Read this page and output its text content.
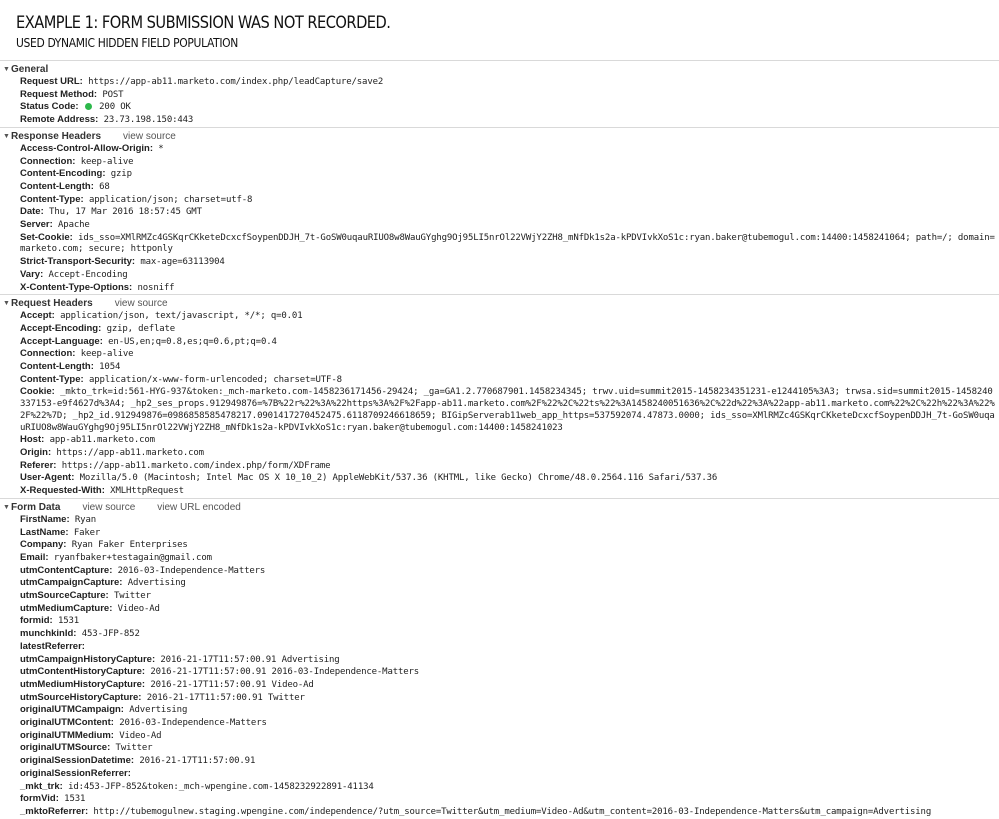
EXAMPLE 1: FORM SUBMISSION WAS NOT RECORDED.
USED DYNAMIC HIDDEN FIELD POPULATION
▼ General
Request URL: https://app-ab11.marketo.com/index.php/leadCapture/save2
Request Method: POST
Status Code: 200 OK
Remote Address: 23.73.198.150:443
▼ Response Headers view source
Access-Control-Allow-Origin: *
Connection: keep-alive
Content-Encoding: gzip
Content-Length: 68
Content-Type: application/json; charset=utf-8
Date: Thu, 17 Mar 2016 18:57:45 GMT
Server: Apache
Set-Cookie: ids_sso=XMlRMZc4GSKqrCKketeDcxcfSoypenDDJH_7t-GoSW0uqauRIUO8w8WauGYghg9Oj95LI5nrOl22VWjY2ZH8_mNfDk1s2a-kPDVIvkXoS1c:ryan.baker@tubemogul.com:14400:1458241064; path=/; domain=marketo.com; secure; httponly
Strict-Transport-Security: max-age=63113904
Vary: Accept-Encoding
X-Content-Type-Options: nosniff
▼ Request Headers view source
Accept: application/json, text/javascript, */*; q=0.01
Accept-Encoding: gzip, deflate
Accept-Language: en-US,en;q=0.8,es;q=0.6,pt;q=0.4
Connection: keep-alive
Content-Length: 1054
Content-Type: application/x-www-form-urlencoded; charset=UTF-8
Cookie: _mkto_trk=id:561-HYG-937&token:_mch-marketo.com-1458236171456-29424; _ga=GA1.2.770687901.1458234345; trwv.uid=summit2015-1458234351231-e1244105%3A3; trwsa.sid=summit2015-1458240337153-e9f4627d%3A4; _hp2_ses_props.912949876=%7B%22r%22%3A%22https%3A%2F%2Fapp-ab11.marketo.com%2F%22%2C%22ts%22%3A1458240051636%2C%22d%22%3A%22app-ab11.marketo.com%22%2C%22h%22%3A%22%2F%22%7D; _hp2_id.912949876=0986858585478217.0901417270452475.6118709246618659; BIGipServerab11web_app_https=537592074.47873.0000; ids_sso=XMlRMZc4GSKqrCKketeDcxcfSoypenDDJH_7t-GoSW0uqauRIUO8w8WauGYghg9Oj95LI5nrOl22VWjY2ZH8_mNfDk1s2a-kPDVIvkXoS1c:ryan.baker@tubemogul.com:14400:1458241023
Host: app-ab11.marketo.com
Origin: https://app-ab11.marketo.com
Referer: https://app-ab11.marketo.com/index.php/form/XDFrame
User-Agent: Mozilla/5.0 (Macintosh; Intel Mac OS X 10_10_2) AppleWebKit/537.36 (KHTML, like Gecko) Chrome/48.0.2564.116 Safari/537.36
X-Requested-With: XMLHttpRequest
▼ Form Data view source view URL encoded
FirstName: Ryan
LastName: Faker
Company: Ryan Faker Enterprises
Email: ryanfbaker+testagain@gmail.com
utmContentCapture: 2016-03-Independence-Matters
utmCampaignCapture: Advertising
utmSourceCapture: Twitter
utmMediumCapture: Video-Ad
formid: 1531
munchkinId: 453-JFP-852
latestReferrer:
utmCampaignHistoryCapture: 2016-21-17T11:57:00.91 Advertising
utmContentHistoryCapture: 2016-21-17T11:57:00.91 2016-03-Independence-Matters
utmMediumHistoryCapture: 2016-21-17T11:57:00.91 Video-Ad
utmSourceHistoryCapture: 2016-21-17T11:57:00.91 Twitter
originalUTMCampaign: Advertising
originalUTMContent: 2016-03-Independence-Matters
originalUTMMedium: Video-Ad
originalUTMSource: Twitter
originalSessionDatetime: 2016-21-17T11:57:00.91
originalSessionReferrer:
_mkt_trk: id:453-JFP-852&token:_mch-wpengine.com-1458232922891-41134
formVid: 1531
_mktoReferrer: http://tubemogulnew.staging.wpengine.com/independence/?utm_source=Twitter&utm_medium=Video-Ad&utm_content=2016-03-Independence-Matters&utm_campaign=Advertising
